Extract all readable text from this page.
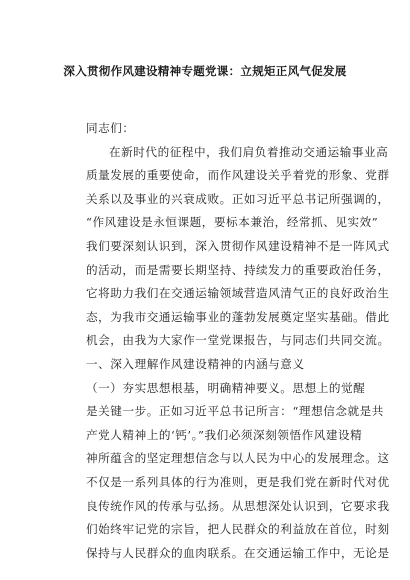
深入贯彻作风建设精神专题党课：立规矩正风气促发展
同志们：
在新时代的征程中，我们肩负着推动交通运输事业高
质量发展的重要使命，而作风建设关乎着党的形象、党群
关系以及事业的兴衰成败。正如习近平总书记所强调的，
“作风建设是永恒课题，要标本兼治，经常抓、见实效”
我们要深刻认识到，深入贯彻作风建设精神不是一阵风式
的活动，而是需要长期坚持、持续发力的重要政治任务，
它将助力我们在交通运输领域营造风清气正的良好政治生
态，为我市交通运输事业的蓬勃发展奠定坚实基础。借此
机会，由我为大家作一堂党课报告，与同志们共同交流。
一、深入理解作风建设精神的内涵与意义
（一）夯实思想根基，明确精神要义。思想上的觉醒
是关键一步。正如习近平总书记所言：“理想信念就是共
产党人精神上的‘钙’。”我们必须深刻领悟作风建设精
神所蕴含的坚定理想信念与以人民为中心的发展理念。这
不仅是一系列具体的行为准则，更是我们党在新时代对优
良传统作风的传承与弘扬。从思想深处认识到，它要求我
们始终牢记党的宗旨，把人民群众的利益放在首位，时刻
保持与人民群众的血肉联系。在交通运输工作中，无论是
